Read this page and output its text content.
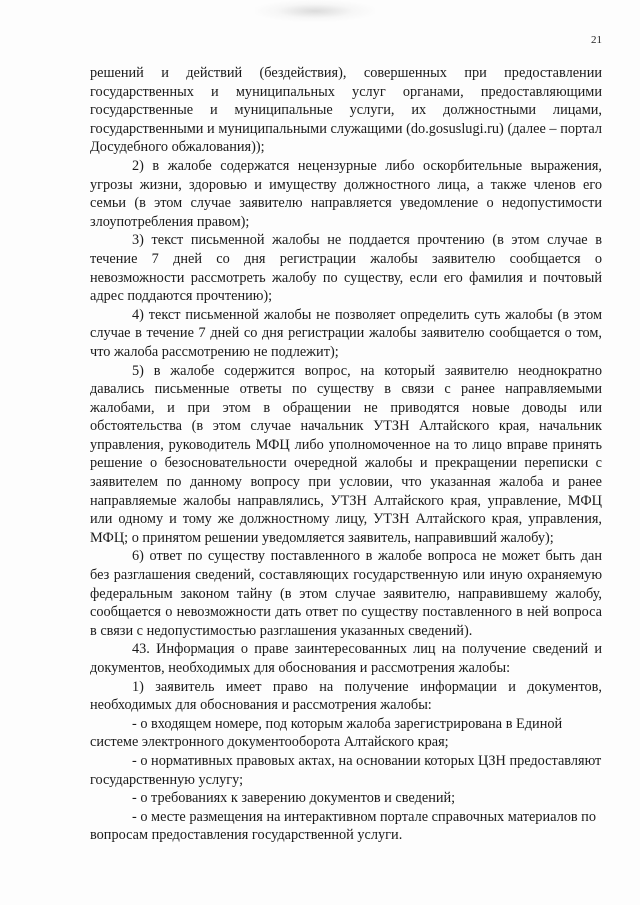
21

решений и действий (бездействия), совершенных при предоставлении государственных и муниципальных услуг органами, предоставляющими государственные и муниципальные услуги, их должностными лицами, государственными и муниципальными служащими (do.gosuslugi.ru) (далее – портал Досудебного обжалования));

2) в жалобе содержатся нецензурные либо оскорбительные выражения, угрозы жизни, здоровью и имуществу должностного лица, а также членов его семьи (в этом случае заявителю направляется уведомление о недопустимости злоупотребления правом);

3) текст письменной жалобы не поддается прочтению (в этом случае в течение 7 дней со дня регистрации жалобы заявителю сообщается о невозможности рассмотреть жалобу по существу, если его фамилия и почтовый адрес поддаются прочтению);

4) текст письменной жалобы не позволяет определить суть жалобы (в этом случае в течение 7 дней со дня регистрации жалобы заявителю сообщается о том, что жалоба рассмотрению не подлежит);

5) в жалобе содержится вопрос, на который заявителю неоднократно давались письменные ответы по существу в связи с ранее направляемыми жалобами, и при этом в обращении не приводятся новые доводы или обстоятельства (в этом случае начальник УТЗН Алтайского края, начальник управления, руководитель МФЦ либо уполномоченное на то лицо вправе принять решение о безосновательности очередной жалобы и прекращении переписки с заявителем по данному вопросу при условии, что указанная жалоба и ранее направляемые жалобы направлялись, УТЗН Алтайского края, управление, МФЦ или одному и тому же должностному лицу, УТЗН Алтайского края, управления, МФЦ; о принятом решении уведомляется заявитель, направивший жалобу);

6) ответ по существу поставленного в жалобе вопроса не может быть дан без разглашения сведений, составляющих государственную или иную охраняемую федеральным законом тайну (в этом случае заявителю, направившему жалобу, сообщается о невозможности дать ответ по существу поставленного в ней вопроса в связи с недопустимостью разглашения указанных сведений).

43. Информация о праве заинтересованных лиц на получение сведений и документов, необходимых для обоснования и рассмотрения жалобы:

1) заявитель имеет право на получение информации и документов, необходимых для обоснования и рассмотрения жалобы:

- о входящем номере, под которым жалоба зарегистрирована в Единой системе электронного документооборота Алтайского края;

- о нормативных правовых актах, на основании которых ЦЗН предоставляют государственную услугу;

- о требованиях к заверению документов и сведений;

- о месте размещения на интерактивном портале справочных материалов по вопросам предоставления государственной услуги.
